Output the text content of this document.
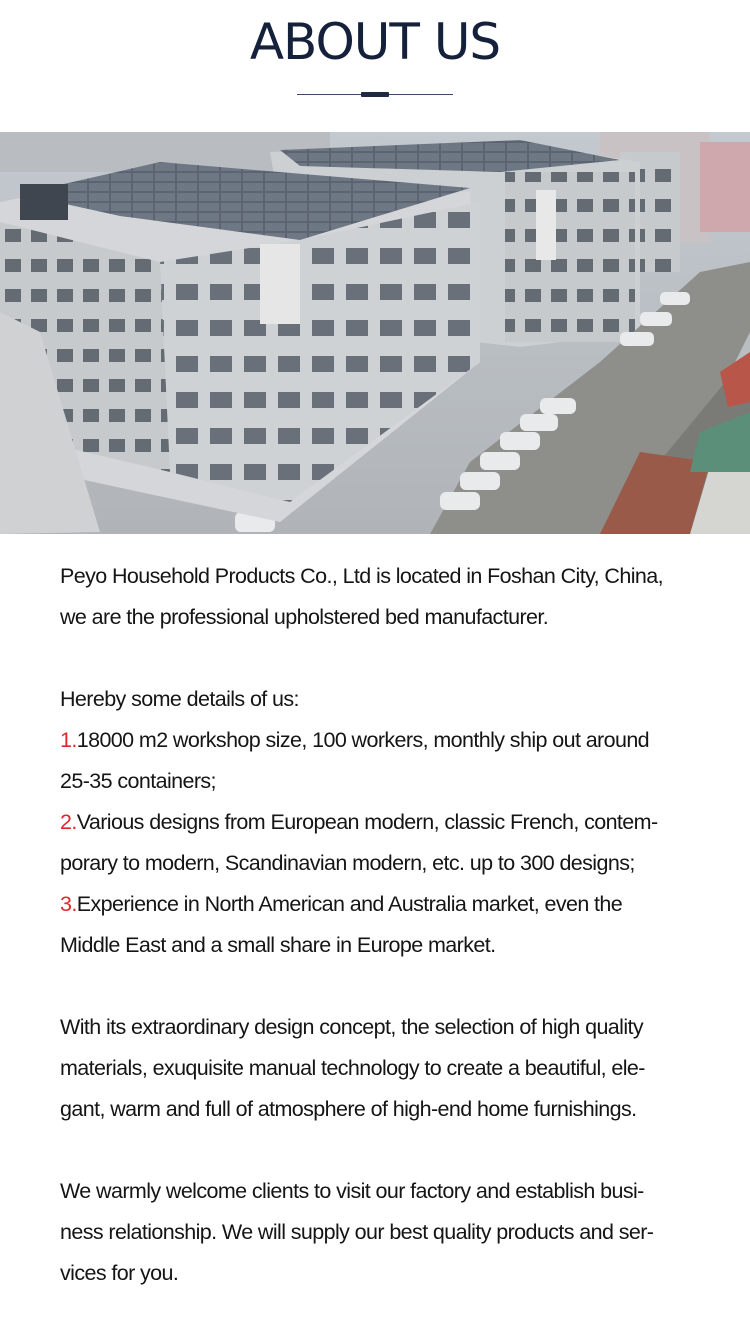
ABOUT US

Peyo Household Products Co., Ltd is located in Foshan City, China,

we are the professional upholstered bed manufacturer.

Hereby some details of us:

1.18000 m2 workshop size, 100 workers, monthly ship out around

25-35 containers;

2.Various designs from European modern, classic French, contem-

porary to modern, Scandinavian modern, etc. up to 300 designs;

3.Experience in North American and Australia market, even the

Middle East and a small share in Europe market.

With its extraordinary design concept, the selection of high quality

materials, exuquisite manual technology to create a beautiful, ele-

gant, warm and full of atmosphere of high-end home furnishings.

We warmly welcome clients to visit our factory and establish busi-

ness relationship. We will supply our best quality products and ser-

vices for you.
